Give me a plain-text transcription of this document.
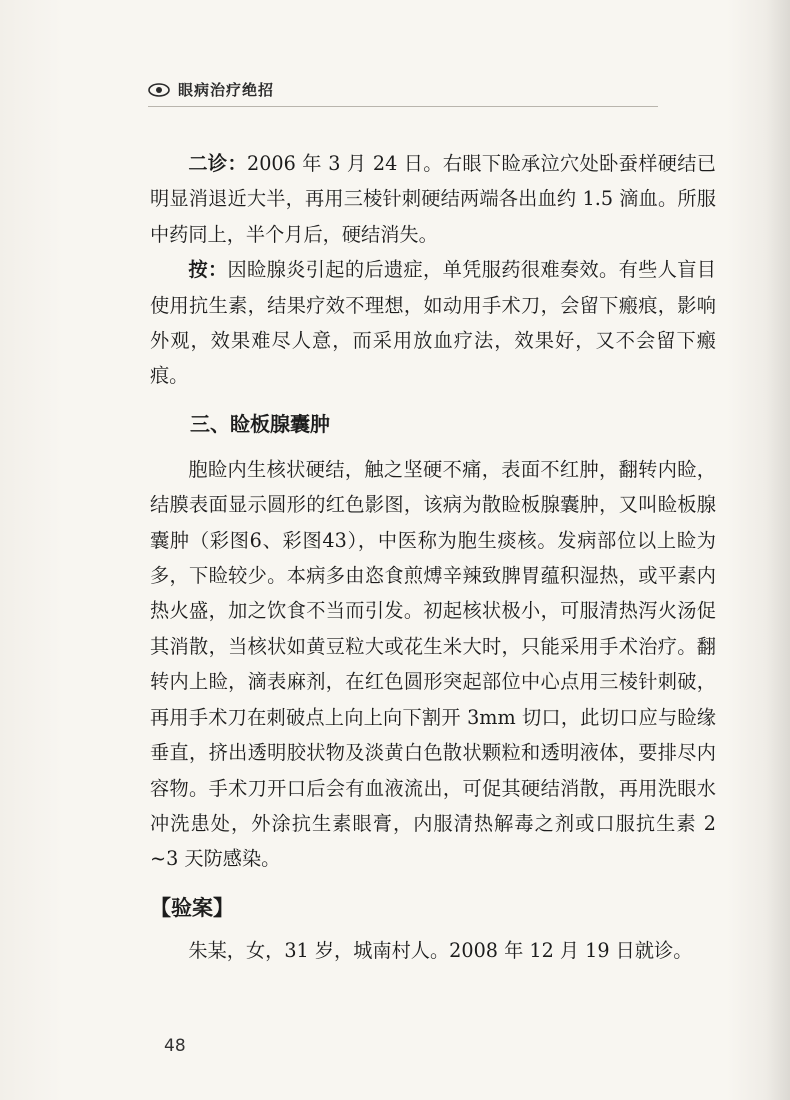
眼病治疗绝招

二诊：2006 年 3 月 24 日。右眼下睑承泣穴处卧蚕样硬结已明显消退近大半，再用三棱针刺硬结两端各出血约 1.5 滴血。所服中药同上，半个月后，硬结消失。

按：因睑腺炎引起的后遗症，单凭服药很难奏效。有些人盲目使用抗生素，结果疗效不理想，如动用手术刀，会留下瘢痕，影响外观，效果难尽人意，而采用放血疗法，效果好，又不会留下瘢痕。

三、睑板腺囊肿

胞睑内生核状硬结，触之坚硬不痛，表面不红肿，翻转内睑，结膜表面显示圆形的红色影图，该病为散睑板腺囊肿，又叫睑板腺囊肿（彩图6、彩图43），中医称为胞生痰核。发病部位以上睑为多，下睑较少。本病多由恣食煎煿辛辣致脾胃蕴积湿热，或平素内热火盛，加之饮食不当而引发。初起核状极小，可服清热泻火汤促其消散，当核状如黄豆粒大或花生米大时，只能采用手术治疗。翻转内上睑，滴表麻剂，在红色圆形突起部位中心点用三棱针刺破，再用手术刀在刺破点上向上向下割开 3mm 切口，此切口应与睑缘垂直，挤出透明胶状物及淡黄白色散状颗粒和透明液体，要排尽内容物。手术刀开口后会有血液流出，可促其硬结消散，再用洗眼水冲洗患处，外涂抗生素眼膏，内服清热解毒之剂或口服抗生素 2 ~3 天防感染。

【验案】

朱某，女，31 岁，城南村人。2008 年 12 月 19 日就诊。

48
